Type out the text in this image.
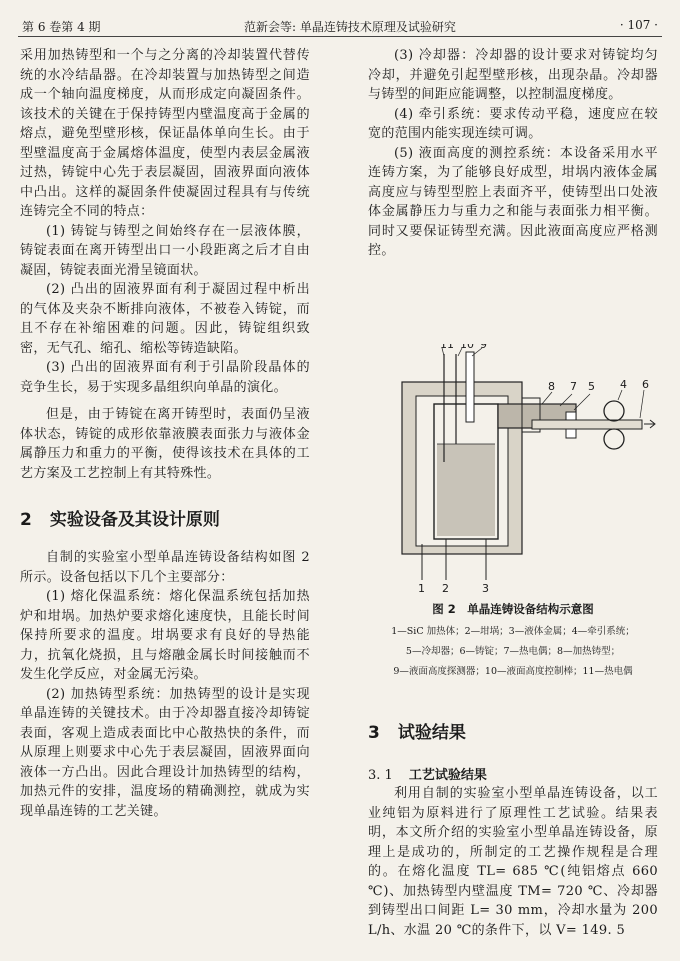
第 6 卷第 4 期	范新会等: 单晶连铸技术原理及试验研究	· 107 ·

采用加热铸型和一个与之分离的冷却装置代替传统的水冷结晶器。在冷却装置与加热铸型之间造成一个轴向温度梯度，从而形成定向凝固条件。该技术的关键在于保持铸型内壁温度高于金属的熔点，避免型壁形核，保证晶体单向生长。由于型壁温度高于金属熔体温度，使型内表层金属液过热，铸锭中心先于表层凝固，固液界面向液体中凸出。这样的凝固条件使凝固过程具有与传统连铸完全不同的特点：

(1) 铸锭与铸型之间始终存在一层液体膜，铸锭表面在离开铸型出口一小段距离之后才自由凝固，铸锭表面光滑呈镜面状。

(2) 凸出的固液界面有利于凝固过程中析出的气体及夹杂不断排向液体，不被卷入铸锭，而且不存在补缩困难的问题。因此，铸锭组织致密，无气孔、缩孔、缩松等铸造缺陷。

(3) 凸出的固液界面有利于引晶阶段晶体的竞争生长，易于实现多晶组织向单晶的演化。

但是，由于铸锭在离开铸型时，表面仍呈液体状态，铸锭的成形依靠液膜表面张力与液体金属静压力和重力的平衡，使得该技术在具体的工艺方案及工艺控制上有其特殊性。

2 实验设备及其设计原则

自制的实验室小型单晶连铸设备结构如图 2 所示。设备包括以下几个主要部分：

(1) 熔化保温系统：熔化保温系统包括加热炉和坩埚。加热炉要求熔化速度快，且能长时间保持所要求的温度。坩埚要求有良好的导热能力，抗氧化烧损，且与熔融金属长时间接触而不发生化学反应，对金属无污染。

(2) 加热铸型系统：加热铸型的设计是实现单晶连铸的关键技术。由于冷却器直接冷却铸锭表面，客观上造成表面比中心散热快的条件，而从原理上则要求中心先于表层凝固，固液界面向液体一方凸出。因此合理设计加热铸型的结构，加热元件的安排，温度场的精确测控，就成为实现单晶连铸的工艺关键。

(3) 冷却器：冷却器的设计要求对铸锭均匀冷却，并避免引起型壁形核，出现杂晶。冷却器与铸型的间距应能调整，以控制温度梯度。

(4) 牵引系统：要求传动平稳，速度应在较宽的范围内能实现连续可调。

(5) 液面高度的测控系统：本设备采用水平连铸方案，为了能够良好成型，坩埚内液体金属高度应与铸型型腔上表面齐平，使铸型出口处液体金属静压力与重力之和能与表面张力相平衡。同时又要保证铸型充满。因此液面高度应严格测控。

11 10 9
8 7 5 4 6
1 2	3
图 2　单晶连铸设备结构示意图
1—SiC 加热体；2—坩埚；3—液体金属；4—牵引系统；
5—冷却器；6—铸锭；7—热电偶；8—加热铸型；
9—液面高度探测器；10—液面高度控制棒；11—热电偶
3 试验结果
3. 1 工艺试验结果

利用自制的实验室小型单晶连铸设备，以工业纯铝为原料进行了原理性工艺试验。结果表明，本文所介绍的实验室小型单晶连铸设备，原理上是成功的，所制定的工艺操作规程是合理的。在熔化温度 TL= 685 ℃(纯铝熔点 660 ℃)、加热铸型内壁温度 TM= 720 ℃、冷却器到铸型出口间距 L= 30 mm，冷却水量为 200 L/h、水温 20 ℃的条件下，以 V= 149. 5
